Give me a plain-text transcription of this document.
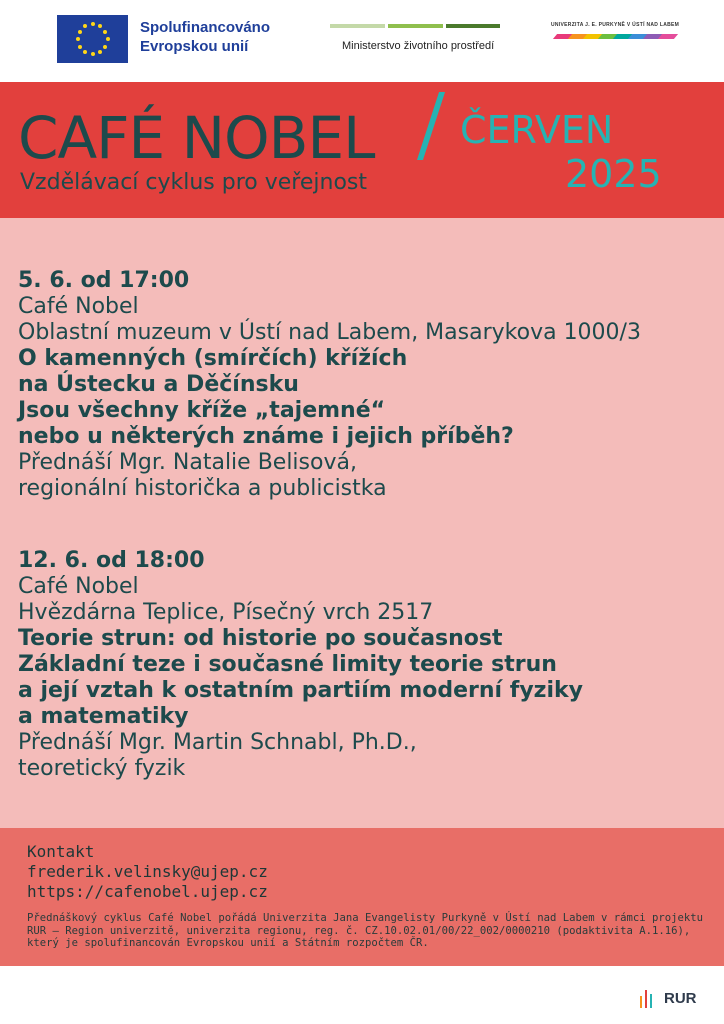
Spolufinancováno
Evropskou unií	Ministerstvo životního prostředí
UNIVERZITA J. E. PURKYNĚ V ÚSTÍ NAD LABEM
CAFÉ NOBEL
Vzdělávací cyklus pro veřejnost
ČERVEN
2025
5. 6. od 17:00
Café Nobel
Oblastní muzeum v Ústí nad Labem, Masarykova 1000/3
O kamenných (smírčích) křížích
na Ústecku a Děčínsku
Jsou všechny kříže „tajemné“
nebo u některých známe i jejich příběh?
Přednáší Mgr. Natalie Belisová,
regionální historička a publicistka
12. 6. od 18:00
Café Nobel
Hvězdárna Teplice, Písečný vrch 2517
Teorie strun: od historie po současnost
Základní teze i současné limity teorie strun
a její vztah k ostatním partiím moderní fyziky
a matematiky
Přednáší Mgr. Martin Schnabl, Ph.D.,
teoretický fyzik
Kontakt
frederik.velinsky@ujep.cz
https://cafenobel.ujep.cz
Přednáškový cyklus Café Nobel pořádá Univerzita Jana Evangelisty Purkyně v Ústí nad Labem v rámci projektu RUR – Region univerzitě, univerzita regionu, reg. č. CZ.10.02.01/00/22_002/0000210 (podaktivita A.1.16), který je spolufinancován Evropskou unií a Státním rozpočtem ČR.
RUR
